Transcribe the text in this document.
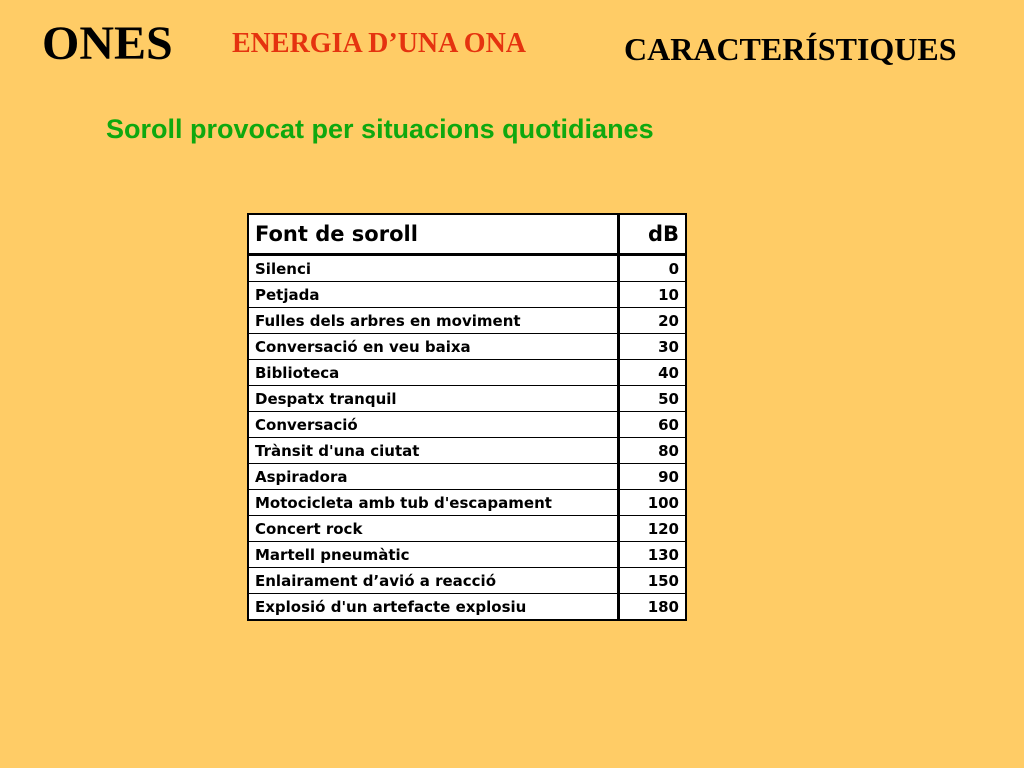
ONES ENERGIA D’UNA ONA	CARACTERÍSTIQUES
Soroll provocat per situacions quotidianes
Font de soroll	dB
Silenci	0
Petjada	10
Fulles dels arbres en moviment	20
Conversació en veu baixa	30
Biblioteca	40
Despatx tranquil	50
Conversació	60
Trànsit d'una ciutat	80
Aspiradora	90
Motocicleta amb tub d'escapament	100
Concert rock	120
Martell pneumàtic	130
Enlairament d’avió a reacció	150
Explosió d'un artefacte explosiu	180
